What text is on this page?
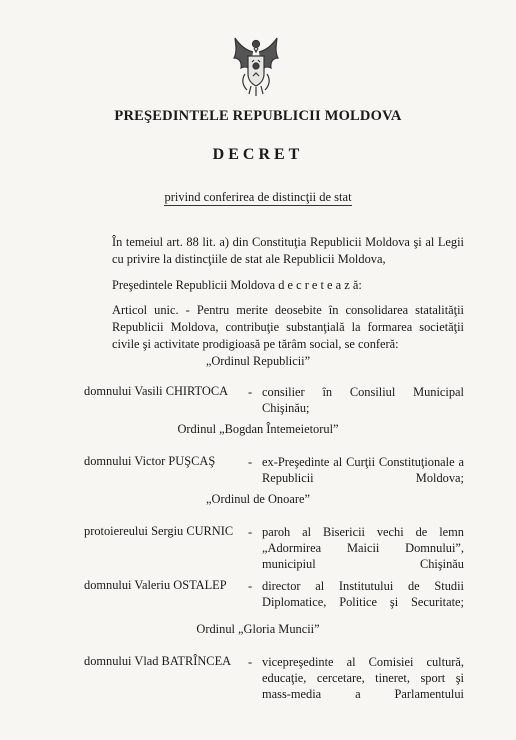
PREŞEDINTELE REPUBLICII MOLDOVA
DECRET
privind conferirea de distincţii de stat
În temeiul art. 88 lit. a) din Constituţia Republicii Moldova şi al Legii cu privire la distincţiile de stat ale Republicii Moldova,
Preşedintele Republicii Moldova d e c r e t e a z ă:
Articol unic. - Pentru merite deosebite în consolidarea statalităţii Republicii Moldova, contribuţie substanţială la formarea societăţii civile şi activitate prodigioasă pe tărâm social, se conferă:
„Ordinul Republicii”
domnului Vasili CHIRTOCA - consilier în Consiliul Municipal Chişinău;
Ordinul „Bogdan Întemeietorul”
domnului Victor PUŞCAŞ	- ex-Preşedinte al Curţii Constituţionale a Republicii Moldova;
„Ordinul de Onoare”
protoiereului Sergiu CURNIC - paroh al Bisericii vechi de lemn „Adormirea Maicii Domnului”, municipiul Chişinău
domnului Valeriu OSTALEP - director al Institutului de Studii Diplomatice, Politice şi Securitate;
Ordinul „Gloria Muncii”
domnului Vlad BATRÎNCEA - vicepreşedinte al Comisiei cultură, educaţie, cercetare, tineret, sport şi mass-media a Parlamentului
